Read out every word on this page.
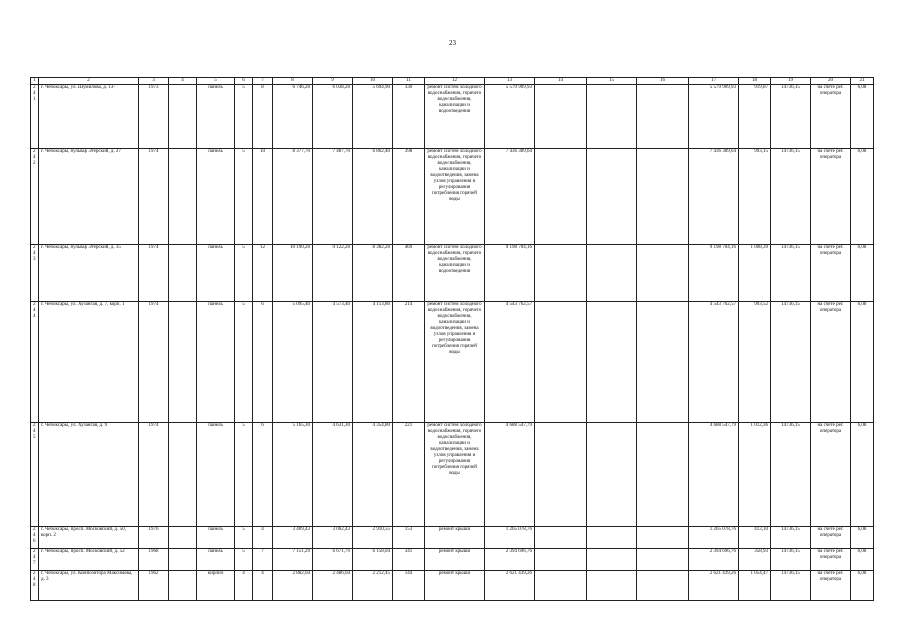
23
1	2	3	4	5	6	7	8	9	10	11	12	13	14	15	16	17	18	19	20	21
241	г. Чебоксары, ул. Шумилова, д. 13-	1973		панель	5	8	6 746,20	6 038,20	5 694,90	330	ремонт систем холодного водоснабжения, горячего водоснабжения, канализации и водоотведения	5 579 909,93				5 579 909,93	919,87	14736,15	на счете рег. оператора	6,08
242	г. Чебоксары, бульвар Эгерский, д. 27	1974		панель	5	10	8 377,70	7 487,70	6 862,40	398	ремонт систем холодного водоснабжения, горячего водоснабжения, канализации и водоотведения, замена узлов управления и регулирования потребления горячей воды	7 436 389,64				7 436 389,64	993,15	14736,15	на счете рег. оператора	6,08
243	г. Чебоксары, бульвар Эгерский, д. 35	1974		панель	5	12	10 190,20	9 122,20	8 382,20	469	ремонт систем холодного водоснабжения, горячего водоснабжения, канализации и водоотведения	9 198 704,16				9 198 704,16	1 008,39	14736,15	на счете рег. оператора	6,08
244	г. Чебоксары, ул. Хузангая, д. 7, корп. 1	1974		панель	5	6	5 095,40	4 573,40	4 113,80	214	ремонт систем холодного водоснабжения, горячего водоснабжения, канализации и водоотведения, замена узлов управления и регулирования потребления горячей воды	4 543 762,57				4 543 762,57	993,52	14736,15	на счете рег. оператора	6,08
245	г. Чебоксары, ул. Хузангая, д. 9	1974		панель	5	6	5 165,30	4 631,30	4 354,80	221	ремонт систем холодного водоснабжения, горячего водоснабжения, канализации и водоотведения, замена узлов управления и регулирования потребления горячей воды	4 688 547,79				4 688 547,79	1 012,36	14736,15	на счете рег. оператора	6,08
246	г. Чебоксары, просп. Московский, д. 50, корп. 2	1976		панель	5	4	3 409,43	3 062,43	2 910,55	153	ремонт крыши	1 265 078,76				1 265 078,76	413,10	14736,15	на счете рег. оператора	6,08
247	г. Чебоксары, просп. Московский, д. 52	1968		панель	5	7	7 151,29	6 671,79	6 158,04	341	ремонт крыши	2 394 696,76				2 394 696,76	358,93	14736,15	на счете рег. оператора	6,08
248	г. Чебоксары, ул. Композитора Максимова, д. 3	1962		кирпич	4	4	2 882,04	2 486,04	2 212,45	144	ремонт крыши	2 621 439,26				2 621 439,26	1 054,47	14736,15	на счете рег. оператора	6,08
